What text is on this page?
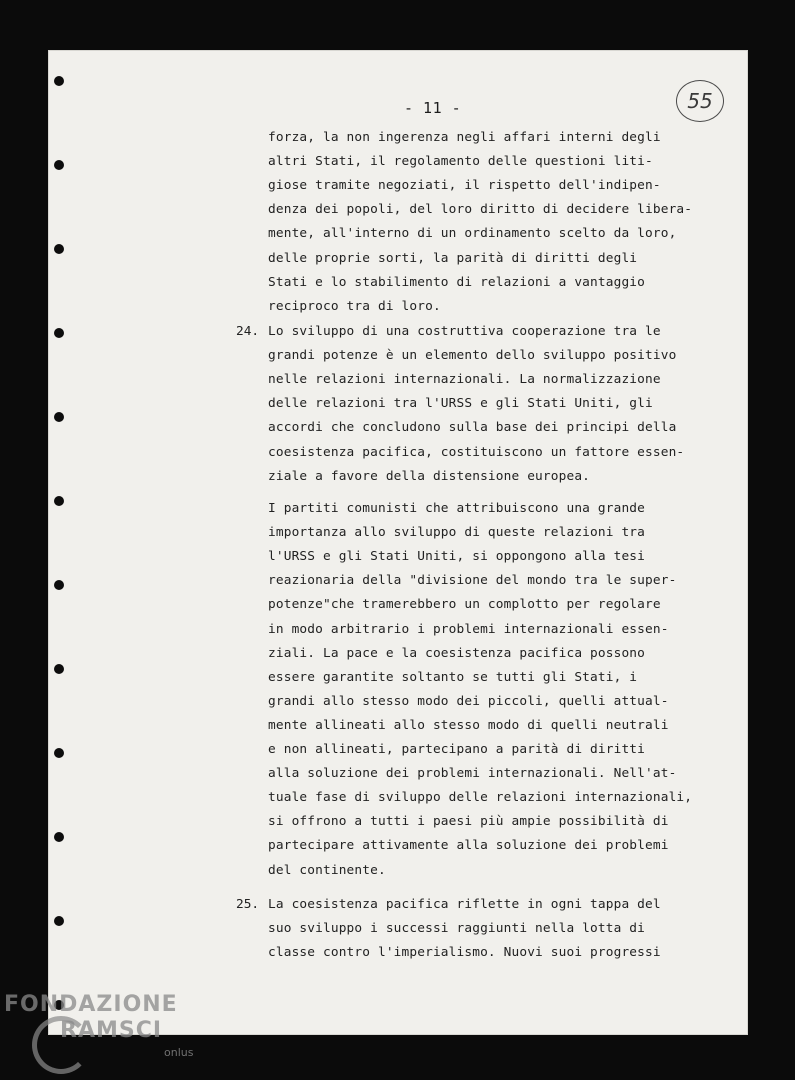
- 11 -	55
forza, la non ingerenza negli affari interni degli
altri Stati, il regolamento delle questioni liti-
giose tramite negoziati, il rispetto dell'indipen-
denza dei popoli, del loro diritto di decidere libera-
mente, all'interno di un ordinamento scelto da loro,
delle proprie sorti, la parità di diritti degli
Stati e lo stabilimento di relazioni a vantaggio
reciproco tra di loro.
24. Lo sviluppo di una costruttiva cooperazione tra le
grandi potenze è un elemento dello sviluppo positivo
nelle relazioni internazionali. La normalizzazione
delle relazioni tra l'URSS e gli Stati Uniti, gli
accordi che concludono sulla base dei principi della
coesistenza pacifica, costituiscono un fattore essen-
ziale a favore della distensione europea.
I partiti comunisti che attribuiscono una grande
importanza allo sviluppo di queste relazioni tra
l'URSS e gli Stati Uniti, si oppongono alla tesi
reazionaria della "divisione del mondo tra le super-
potenze"che tramerebbero un complotto per regolare
in modo arbitrario i problemi internazionali essen-
ziali. La pace e la coesistenza pacifica possono
essere garantite soltanto se tutti gli Stati, i
grandi allo stesso modo dei piccoli, quelli attual-
mente allineati allo stesso modo di quelli neutrali
e non allineati, partecipano a parità di diritti
alla soluzione dei problemi internazionali. Nell'at-
tuale fase di sviluppo delle relazioni internazionali,
si offrono a tutti i paesi più ampie possibilità di
partecipare attivamente alla soluzione dei problemi
del continente.
25. La coesistenza pacifica riflette in ogni tappa del
suo sviluppo i successi raggiunti nella lotta di
classe contro l'imperialismo. Nuovi suoi progressi
FONDAZIONE
RAMSCI
onlus
